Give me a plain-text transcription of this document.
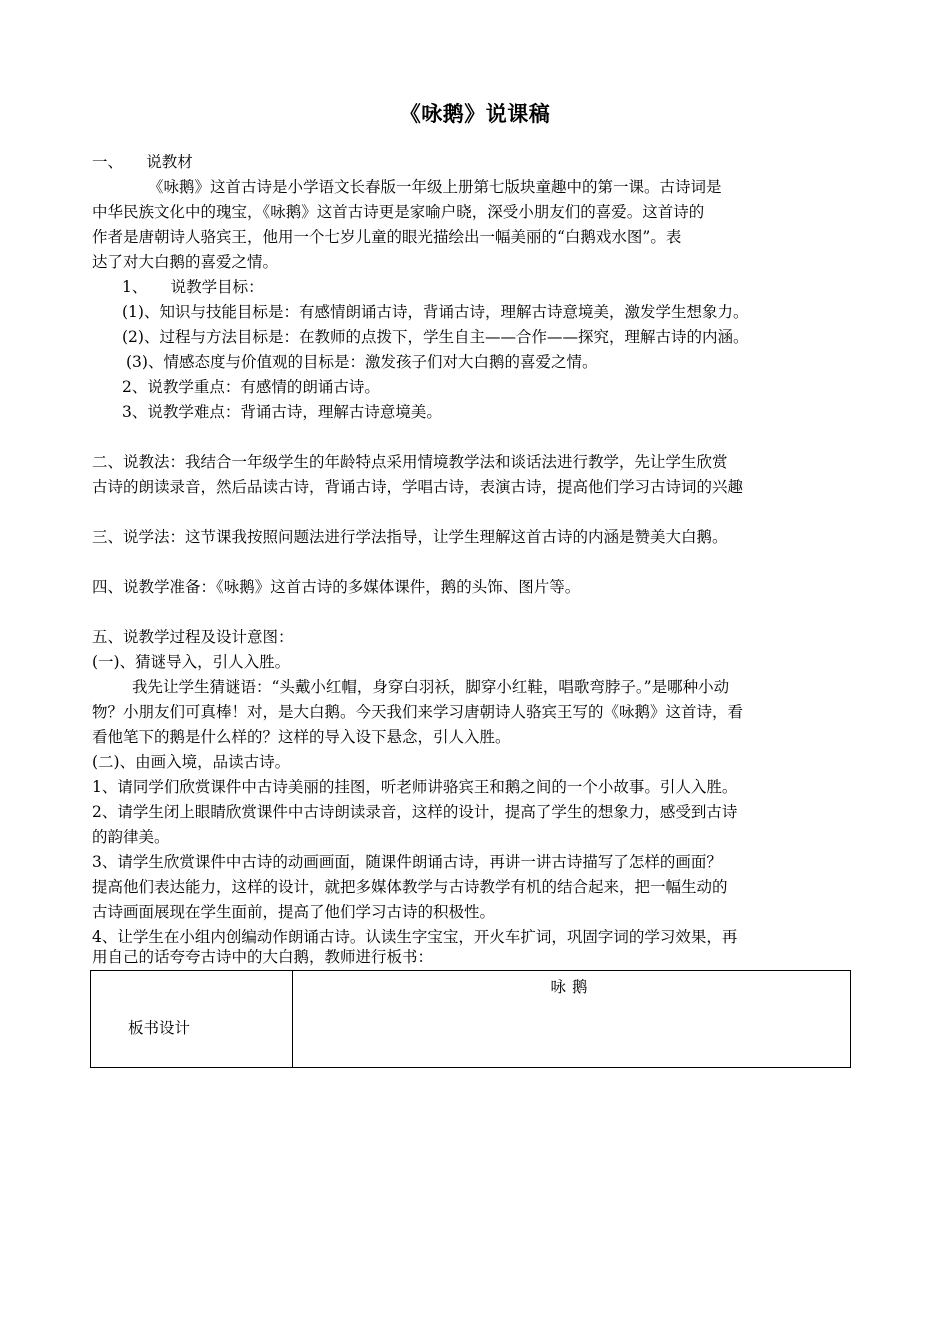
《咏鹅》说课稿
一、　　说教材
《咏鹅》这首古诗是小学语文长春版一年级上册第七版块童趣中的第一课。古诗词是
中华民族文化中的瑰宝，《咏鹅》这首古诗更是家喻户晓，深受小朋友们的喜爱。这首诗的
作者是唐朝诗人骆宾王，他用一个七岁儿童的眼光描绘出一幅美丽的“白鹅戏水图”。表
达了对大白鹅的喜爱之情。
1、　　说教学目标：
(1)、知识与技能目标是：有感情朗诵古诗，背诵古诗，理解古诗意境美，激发学生想象力。
(2)、过程与方法目标是：在教师的点拨下，学生自主——合作——探究，理解古诗的内涵。
(3)、情感态度与价值观的目标是：激发孩子们对大白鹅的喜爱之情。
2、说教学重点：有感情的朗诵古诗。
3、说教学难点：背诵古诗，理解古诗意境美。
二、说教法：我结合一年级学生的年龄特点采用情境教学法和谈话法进行教学，先让学生欣赏
古诗的朗读录音，然后品读古诗，背诵古诗，学唱古诗，表演古诗，提高他们学习古诗词的兴趣
三、说学法：这节课我按照问题法进行学法指导，让学生理解这首古诗的内涵是赞美大白鹅。
四、说教学准备：《咏鹅》这首古诗的多媒体课件，鹅的头饰、图片等。
五、说教学过程及设计意图：
(一)、猜谜导入，引人入胜。
我先让学生猜谜语：“头戴小红帽，身穿白羽袄，脚穿小红鞋，唱歌弯脖子。”是哪种小动
物？小朋友们可真棒！对，是大白鹅。今天我们来学习唐朝诗人骆宾王写的《咏鹅》这首诗，看
看他笔下的鹅是什么样的？这样的导入设下悬念，引人入胜。
(二)、由画入境，品读古诗。
1、请同学们欣赏课件中古诗美丽的挂图，听老师讲骆宾王和鹅之间的一个小故事。引人入胜。
2、请学生闭上眼睛欣赏课件中古诗朗读录音，这样的设计，提高了学生的想象力，感受到古诗
的韵律美。
3、请学生欣赏课件中古诗的动画画面，随课件朗诵古诗，再讲一讲古诗描写了怎样的画面？
提高他们表达能力，这样的设计，就把多媒体教学与古诗教学有机的结合起来，把一幅生动的
古诗画面展现在学生面前，提高了他们学习古诗的积极性。
4、让学生在小组内创编动作朗诵古诗。认读生字宝宝，开火车扩词，巩固字词的学习效果，再
用自己的话夸夸古诗中的大白鹅，教师进行板书：
板书设计
咏鹅
